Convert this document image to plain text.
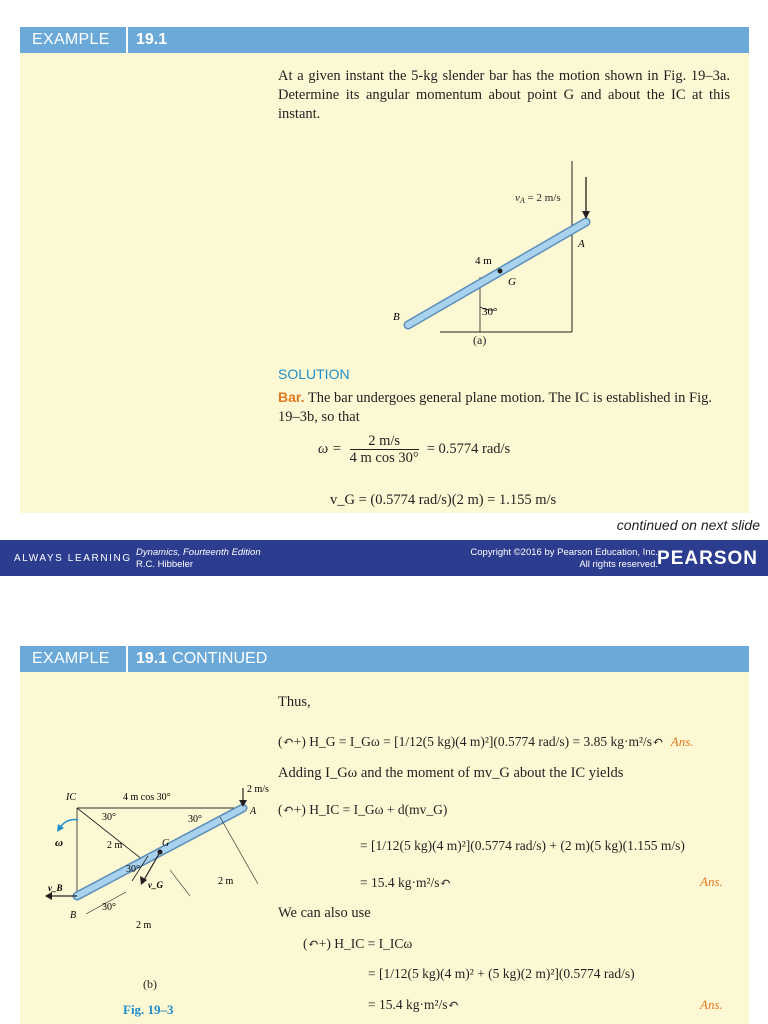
EXAMPLE	19.1
At a given instant the 5-kg slender bar has the motion shown in Fig. 19–3a. Determine its angular momentum about point G and about the IC at this instant.
vA = 2 m/s
4 m
G
A
B	30°
(a)
SOLUTION
Bar. The bar undergoes general plane motion. The IC is established in Fig. 19–3b, so that
$\omega = \frac{2 m/s}{\text{4 m cos 30°}} = 0.5774$ rad/s
v_G = (0.5774 rad/s)(2 m) = 1.155 m/s
continued on next slide
ALWAYS LEARNING
Dynamics, Fourteenth Edition
R.C. Hibbeler
Copyright ©2016 by Pearson Education, Inc.
All rights reserved. PEARSON
EXAMPLE	19.1 CONTINUED
Thus,
(↶+) H_G = I_Gω = [1/12(5 kg)(4 m)²](0.5774 rad/s) = 3.85 kg·m²/s↶ Ans.
Adding I_Gω and the moment of mv_G about the IC yields
(↶+) H_IC = I_Gω + d(mv_G)
= [1/12(5 kg)(4 m)²](0.5774 rad/s) + (2 m)(5 kg)(1.155 m/s)
= 15.4 kg·m²/s↶	Ans.
We can also use
(↶+) H_IC = I_ICω
= [1/12(5 kg)(4 m)² + (5 kg)(2 m)²](0.5774 rad/s)
= 15.4 kg·m²/s↶	Ans.
IC	4 m cos 30°
2 m/s
A
G
B
ω
v_B	v_G
30°	30°
30°
30°
2 m
2 m
2 m
(b)
Fig. 19–3
